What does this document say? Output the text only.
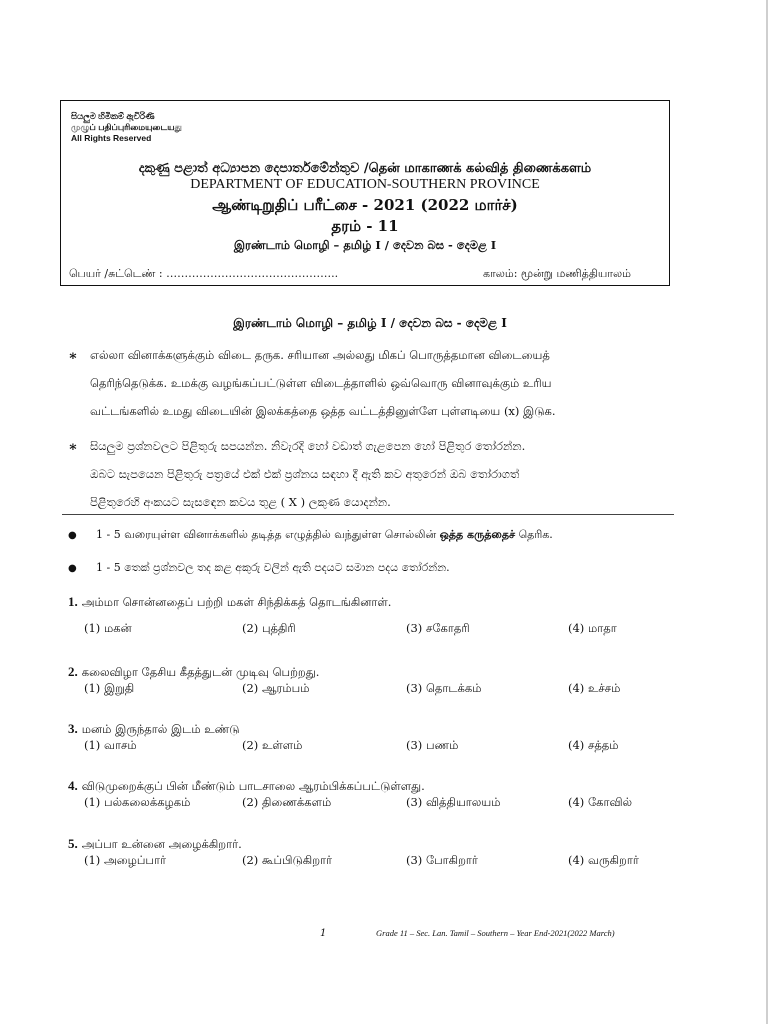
සියලුම හිමිකම් ඇවිරිණි
முழுப் பதிப்புரிமையுடையது
All Rights Reserved
දකුණු පළාත් අධ්‍යාපන දෙපාර්තමේන්තුව /தென் மாகாணக் கல்வித் திணைக்களம்
DEPARTMENT OF EDUCATION-SOUTHERN PROVINCE
ஆண்டிறுதிப் பரீட்சை - 2021 (2022 மார்ச்)
தரம் - 11
இரண்டாம் மொழி – தமிழ் I / දෙවන බස - දෙමළ I
பெயர் /சுட்டெண் : ………………………………………..	காலம்: மூன்று மணித்தியாலம்
இரண்டாம் மொழி – தமிழ் I / දෙවන බස - දෙමළ I
∗ எல்லா வினாக்களுக்கும் விடை தருக. சரியான அல்லது மிகப் பொருத்தமான விடையைத்
தெரிந்தெடுக்க. உமக்கு வழங்கப்பட்டுள்ள விடைத்தாளில் ஒவ்வொரு வினாவுக்கும் உரிய
வட்டங்களில் உமது விடையின் இலக்கத்தை ஒத்த வட்டத்தினுள்ளே புள்ளடியை (x) இடுக.
∗ සියලුම ප්‍රශ්නවලට පිළිතුරු සපයන්න. නිවැරදි හෝ වඩාත් ගැළපෙන හෝ පිළිතුර තෝරන්න.
ඔබට සැපයෙන පිළිතුරු පත්‍රයේ එක් එක් ප්‍රශ්නය සඳහා දී ඇති කව අතුරෙන් ඔබ තෝරාගත්
පිළිතුරෙහි අංකයට සැසඳෙන කවය තුළ ( X ) ලකුණ යොදන්න.
● 1 - 5 வரையுள்ள வினாக்களில் தடித்த எழுத்தில் வந்துள்ள சொல்லின் ஒத்த கருத்தைச் தெரிக.
● 1 - 5 තෙක් ප්‍රශ්නවල තද කළ අකුරු වලින් ඇති පදයට සමාන පදය තෝරන්න.
1. அம்மா சொன்னதைப் பற்றி மகள் சிந்திக்கத் தொடங்கினாள்.
(1) மகன்	(2) புத்திரி	(3) சகோதரி	(4) மாதா
2. கலைவிழா தேசிய கீதத்துடன் முடிவு பெற்றது.
(1) இறுதி	(2) ஆரம்பம்	(3) தொடக்கம்	(4) உச்சம்
3. மனம் இருந்தால் இடம் உண்டு
(1) வாசம்	(2) உள்ளம்	(3) பணம்	(4) சத்தம்
4. விடுமுறைக்குப் பின் மீண்டும் பாடசாலை ஆரம்பிக்கப்பட்டுள்ளது.
(1) பல்கலைக்கழகம்	(2) திணைக்களம்	(3) வித்தியாலயம்	(4) கோவில்
5. அப்பா உன்னை அழைக்கிறார்.
(1) அழைப்பார்	(2) கூப்பிடுகிறார்	(3) போகிறார்	(4) வருகிறார்
1	Grade 11 – Sec. Lan. Tamil – Southern – Year End-2021(2022 March)
